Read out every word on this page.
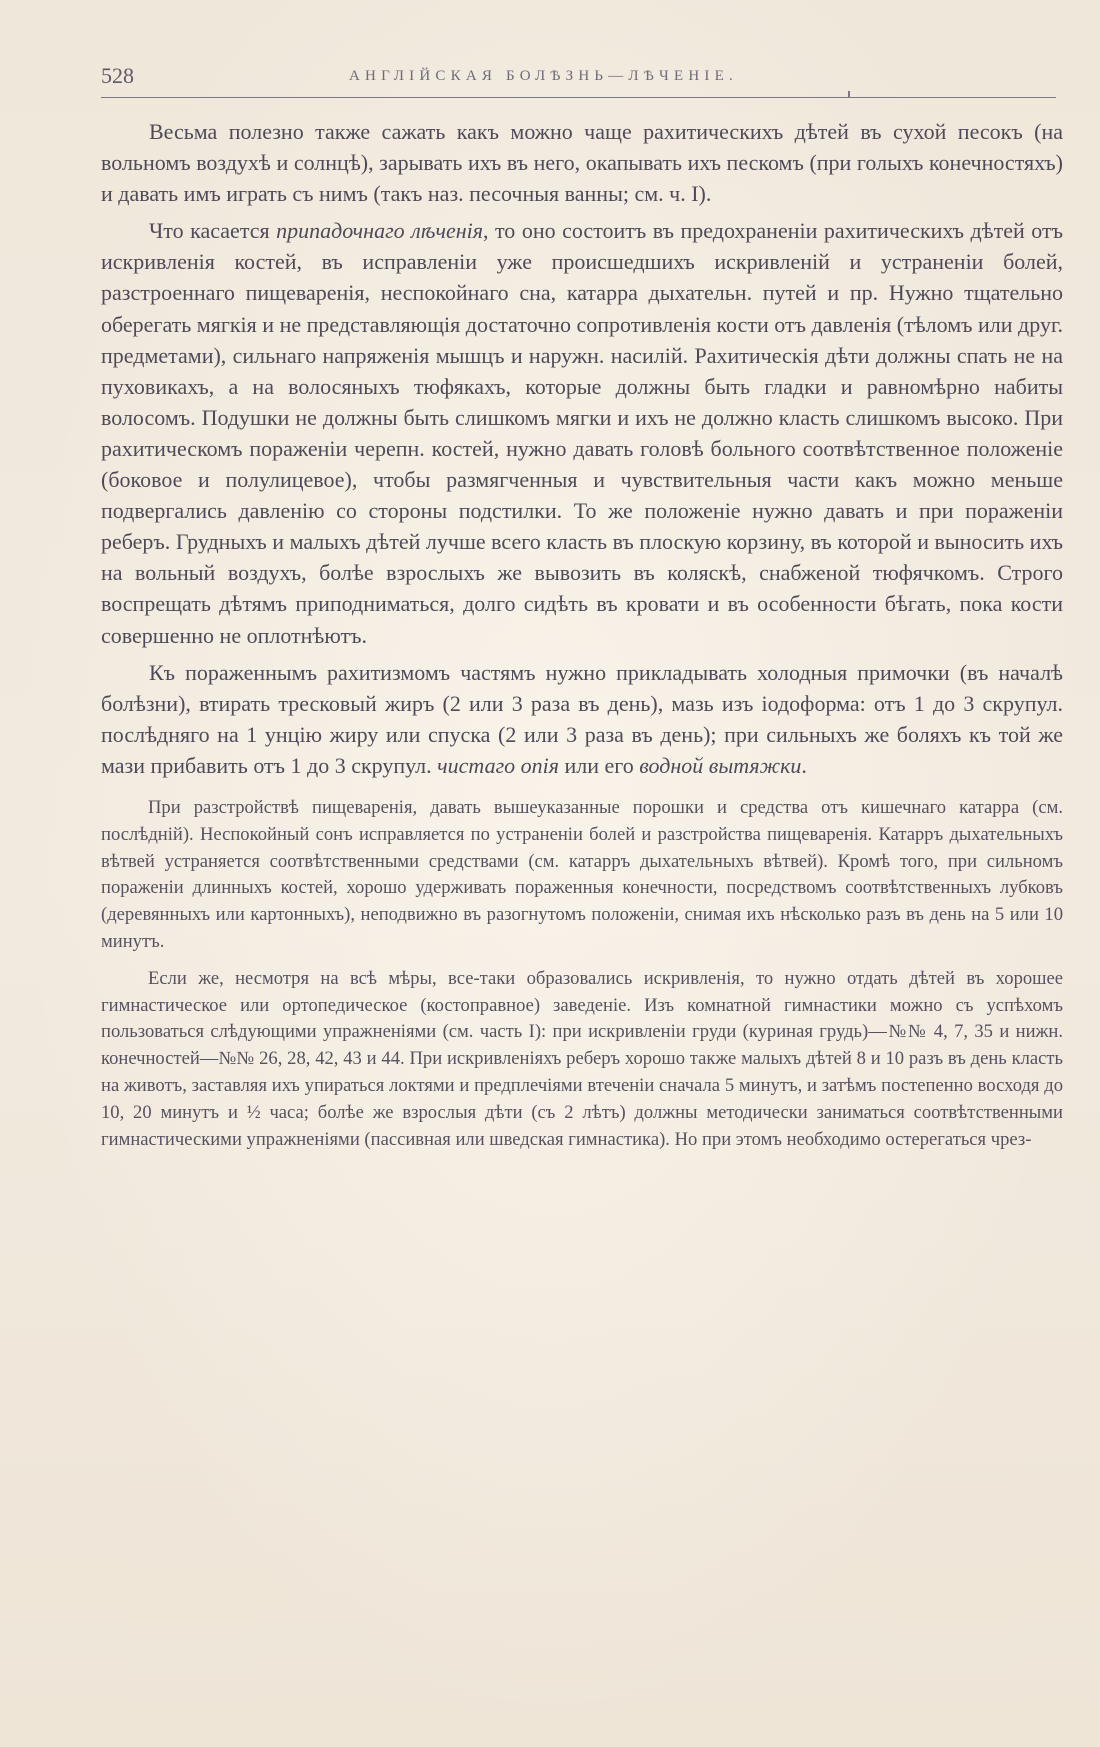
528	АНГЛІЙСКАЯ БОЛѢЗНЬ—ЛѢЧЕНІЕ.

Весьма полезно также сажать какъ можно чаще рахитическихъ дѣтей въ сухой песокъ (на вольномъ воздухѣ и солнцѣ), зарывать ихъ въ него, окапывать ихъ пескомъ (при голыхъ конечностяхъ) и давать имъ играть съ нимъ (такъ наз. песочныя ванны; см. ч. I).

Что касается припадочнаго лѣченія, то оно состоитъ въ предохраненіи рахитическихъ дѣтей отъ искривленія костей, въ исправленіи уже происшедшихъ искривленій и устраненіи болей, разстроеннаго пищеваренія, неспокойнаго сна, катарра дыхательн. путей и пр. Нужно тщательно оберегать мягкія и не представляющія достаточно сопротивленія кости отъ давленія (тѣломъ или друг. предметами), сильнаго напряженія мышцъ и наружн. насилій. Рахитическія дѣти должны спать не на пуховикахъ, а на волосяныхъ тюфякахъ, которые должны быть гладки и равномѣрно набиты волосомъ. Подушки не должны быть слишкомъ мягки и ихъ не должно класть слишкомъ высоко. При рахитическомъ пораженіи черепн. костей, нужно давать головѣ больного соотвѣтственное положеніе (боковое и полулицевое), чтобы размягченныя и чувствительныя части какъ можно меньше подвергались давленію со стороны подстилки. То же положеніе нужно давать и при пораженіи реберъ. Грудныхъ и малыхъ дѣтей лучше всего класть въ плоскую корзину, въ которой и выносить ихъ на вольный воздухъ, болѣе взрослыхъ же вывозить въ коляскѣ, снабженой тюфячкомъ. Строго воспрещать дѣтямъ приподниматься, долго сидѣть въ кровати и въ особенности бѣгать, пока кости совершенно не оплотнѣютъ.

Къ пораженнымъ рахитизмомъ частямъ нужно прикладывать холодныя примочки (въ началѣ болѣзни), втирать тресковый жиръ (2 или 3 раза въ день), мазь изъ іодоформа: отъ 1 до 3 скрупул. послѣдняго на 1 унцію жиру или спуска (2 или 3 раза въ день); при сильныхъ же боляхъ къ той же мази прибавить отъ 1 до 3 скрупул. чистаго опія или его водной вытяжки.

При разстройствѣ пищеваренія, давать вышеуказанные порошки и средства отъ кишечнаго катарра (см. послѣдній). Неспокойный сонъ исправляется по устраненіи болей и разстройства пищеваренія. Катарръ дыхательныхъ вѣтвей устраняется соотвѣтственными средствами (см. катарръ дыхательныхъ вѣтвей). Кромѣ того, при сильномъ пораженіи длинныхъ костей, хорошо удерживать пораженныя конечности, посредствомъ соотвѣтственныхъ лубковъ (деревянныхъ или картонныхъ), неподвижно въ разогнутомъ положеніи, снимая ихъ нѣсколько разъ въ день на 5 или 10 минутъ.

Если же, несмотря на всѣ мѣры, все-таки образовались искривленія, то нужно отдать дѣтей въ хорошее гимнастическое или ортопедическое (костоправное) заведеніе. Изъ комнатной гимнастики можно съ успѣхомъ пользоваться слѣдующими упражненіями (см. часть I): при искривленіи груди (куриная грудь)—№№ 4, 7, 35 и нижн. конечностей—№№ 26, 28, 42, 43 и 44. При искривленіяхъ реберъ хорошо также малыхъ дѣтей 8 и 10 разъ въ день класть на животъ, заставляя ихъ упираться локтями и предплечіями втеченіи сначала 5 минутъ, и затѣмъ постепенно восходя до 10, 20 минутъ и ½ часа; болѣе же взрослыя дѣти (съ 2 лѣтъ) должны методически заниматься соотвѣтственными гимнастическими упражненіями (пассивная или шведская гимнастика). Но при этомъ необходимо остерегаться чрез-
